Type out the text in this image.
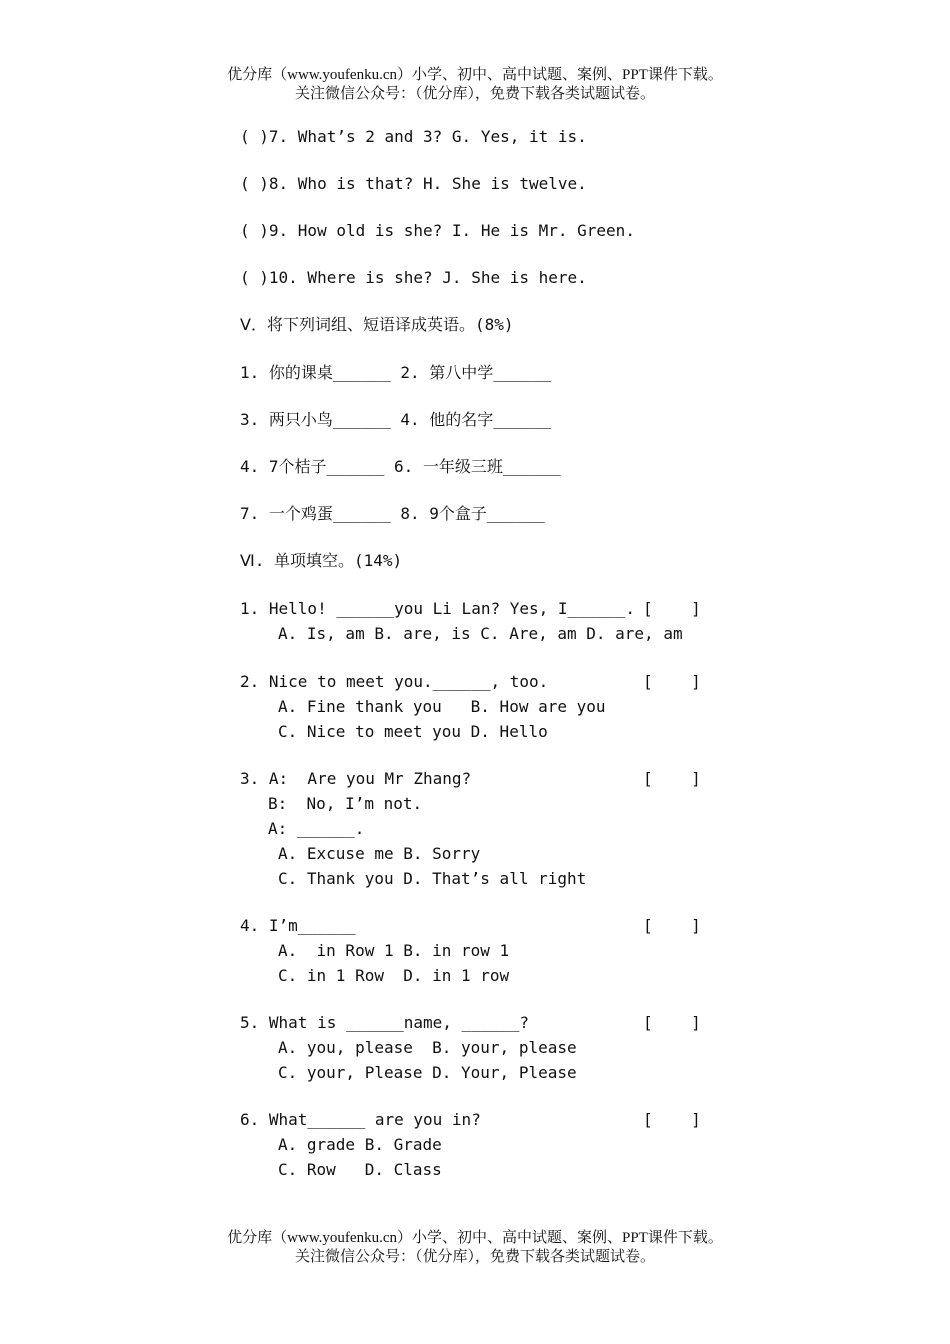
优分库（www.youfenku.cn）小学、初中、高中试题、案例、PPT课件下载。
关注微信公众号：（优分库），免费下载各类试题试卷。
( )7. What’s 2 and 3? G. Yes, it is.
( )8. Who is that? H. She is twelve.
( )9. How old is she? I. He is Mr. Green.
( )10. Where is she? J. She is here.
Ⅴ．将下列词组、短语译成英语。(8%)
1. 你的课桌______ 2. 第八中学______
3. 两只小鸟______ 4. 他的名字______
4. 7个桔子______ 6. 一年级三班______
7. 一个鸡蛋______ 8. 9个盒子______
Ⅵ. 单项填空。(14%)
1. Hello! ______you Li Lan? Yes, I______. [    ]
A. Is, am B. are, is C. Are, am D. are, am
2. Nice to meet you.______, too.	[    ]
A. Fine thank you   B. How are you
C. Nice to meet you D. Hello
3. A:  Are you Mr Zhang?	[    ]
B:  No, I’m not.
A: ______.
A. Excuse me B. Sorry
C. Thank you D. That’s all right
4. I’m______	[    ]
A.  in Row 1 B. in row 1
C. in 1 Row  D. in 1 row
5. What is ______name, ______?	[    ]
A. you, please  B. your, please
C. your, Please D. Your, Please
6. What______ are you in?	[    ]
A. grade B. Grade
C. Row   D. Class
优分库（www.youfenku.cn）小学、初中、高中试题、案例、PPT课件下载。
关注微信公众号：（优分库），免费下载各类试题试卷。
